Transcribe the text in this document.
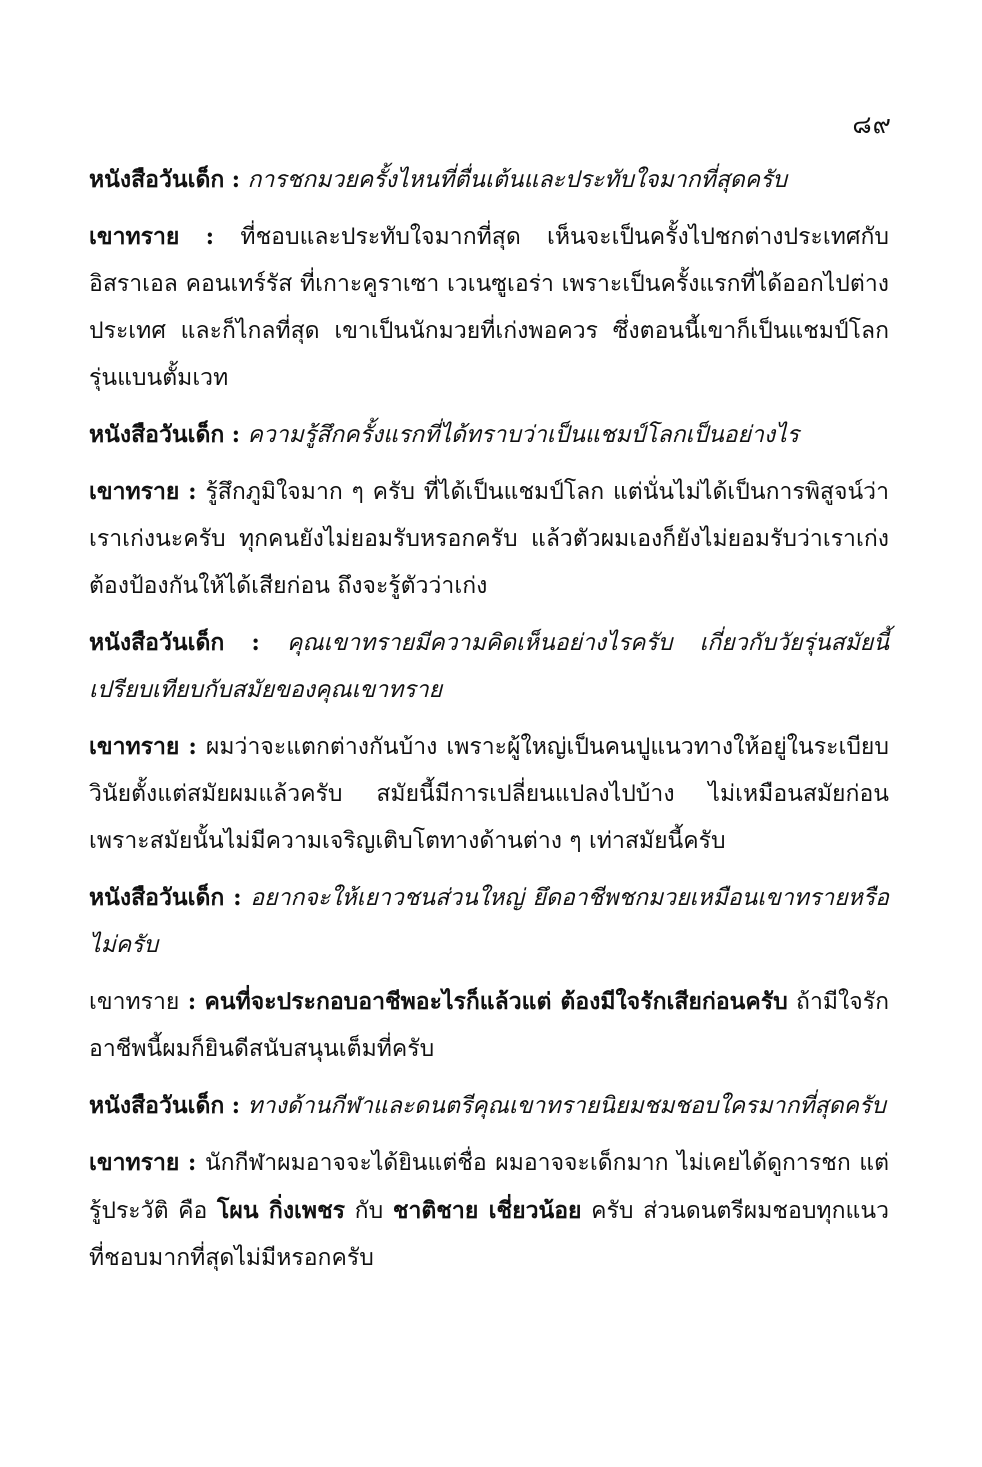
๘๙

หนังสือวันเด็ก : การชกมวยครั้งไหนที่ตื่นเต้นและประทับใจมากที่สุดครับ

เขาทราย : ที่ชอบและประทับใจมากที่สุด เห็นจะเป็นครั้งไปชกต่างประเทศกับอิสราเอล คอนเทร์รัส ที่เกาะคูราเซา เวเนซูเอร่า เพราะเป็นครั้งแรกที่ได้ออกไปต่างประเทศ และก็ไกลที่สุด เขาเป็นนักมวยที่เก่งพอควร ซึ่งตอนนี้เขาก็เป็นแชมป์โลกรุ่นแบนตั้มเวท

หนังสือวันเด็ก : ความรู้สึกครั้งแรกที่ได้ทราบว่าเป็นแชมป์โลกเป็นอย่างไร

เขาทราย : รู้สึกภูมิใจมาก ๆ ครับ ที่ได้เป็นแชมป์โลก แต่นั่นไม่ได้เป็นการพิสูจน์ว่าเราเก่งนะครับ ทุกคนยังไม่ยอมรับหรอกครับ แล้วตัวผมเองก็ยังไม่ยอมรับว่าเราเก่ง ต้องป้องกันให้ได้เสียก่อน ถึงจะรู้ตัวว่าเก่ง

หนังสือวันเด็ก : คุณเขาทรายมีความคิดเห็นอย่างไรครับ เกี่ยวกับวัยรุ่นสมัยนี้เปรียบเทียบกับสมัยของคุณเขาทราย

เขาทราย : ผมว่าจะแตกต่างกันบ้าง เพราะผู้ใหญ่เป็นคนปูแนวทางให้อยู่ในระเบียบวินัยตั้งแต่สมัยผมแล้วครับ สมัยนี้มีการเปลี่ยนแปลงไปบ้าง ไม่เหมือนสมัยก่อน เพราะสมัยนั้นไม่มีความเจริญเติบโตทางด้านต่าง ๆ เท่าสมัยนี้ครับ

หนังสือวันเด็ก : อยากจะให้เยาวชนส่วนใหญ่ ยึดอาชีพชกมวยเหมือนเขาทรายหรือไม่ครับ

เขาทราย : คนที่จะประกอบอาชีพอะไรก็แล้วแต่ ต้องมีใจรักเสียก่อนครับ ถ้ามีใจรักอาชีพนี้ผมก็ยินดีสนับสนุนเต็มที่ครับ

หนังสือวันเด็ก : ทางด้านกีฬาและดนตรีคุณเขาทรายนิยมชมชอบใครมากที่สุดครับ

เขาทราย : นักกีฬาผมอาจจะได้ยินแต่ชื่อ ผมอาจจะเด็กมาก ไม่เคยได้ดูการชก แต่รู้ประวัติ คือ โผน กิ่งเพชร กับ ชาติชาย เชี่ยวน้อย ครับ ส่วนดนตรีผมชอบทุกแนว ที่ชอบมากที่สุดไม่มีหรอกครับ
